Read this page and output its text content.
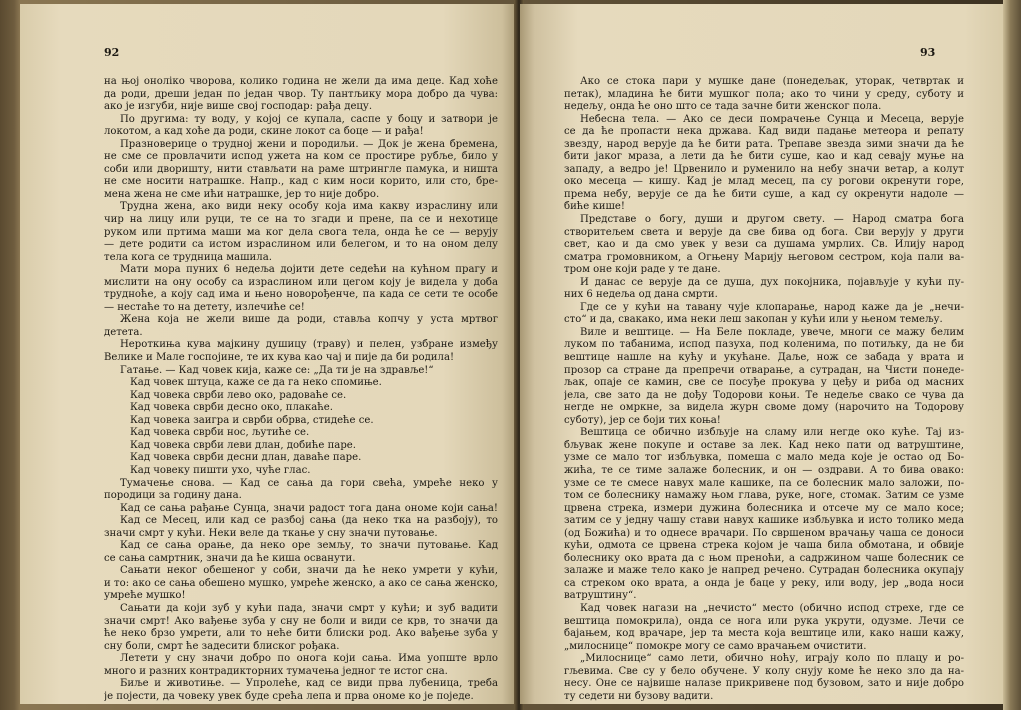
92
на њој оноліко чворова, колико година не жели да има деце. Кад хоће
да роди, дреши један по један чвор. Ту пантљику мора добро да чува:
ако је изгуби, није више свој господар: рађа децу.
По другима: ту воду, у којој се купала, саспе у боцу и затвори је
локотом, а кад хоће да роди, скине локот са боце — и рађа!
Празноверице о трудној жени и породиљи. — Док је жена бремена,
не сме се провлачити испод ужета на ком се простире рубље, било у
соби или дворишту, нити стављати на раме штрингле памука, и ништа
не сме носити натрашке. Напр., кад с ким носи корито, или сто, бре-
мена жена не сме ићи натрашке, јер то није добро.
Трудна жена, ако види неку особу која има какву израслину или
чир на лицу или руци, те се на то згади и прене, па се и нехотице
руком или пртима маши ма ког дела свога тела, онда ће се — верују
— дете родити са истом израслином или белегом, и то на оном делу
тела кога се трудница машила.
Мати мора пуних 6 недеља дојити дете седећи на кућном прагу и
мислити на ону особу са израслином или цегом коју је видела у доба
трудноће, а коју сад има и њено новорођенче, па када се сети те особе
— нестаће то на детету, излечиће се!
Жена која не жели више да роди, ставља копчу у уста мртвог
детета.
Нероткиња кува мајкину душицу (траву) и пелен, узбране између
Велике и Мале госпојине, те их кува као чај и пије да би родила!
Гатање. — Кад човек кија, каже се: „Да ти је на здравље!“
Кад човек штуца, каже се да га неко спомиње.
Кад човека сврби лево око, радоваће се.
Кад човека сврби десно око, плакаће.
Кад човека заигра и сврби обрва, стидеће се.
Кад човека сврби нос, љутиће се.
Кад човека сврби леви длан, добиће паре.
Кад човека сврби десни длан, даваће паре.
Кад човеку пишти ухо, чуће глас.
Тумачење снова. — Кад се сања да гори свећа, умреће неко у
породици за годину дана.
Кад се сања рађање Сунца, значи радост тога дана ономе који сања!
Кад се Месец, или кад се разбој сања (да неко тка на разбоју), то
значи смрт у кући. Неки веле да ткање у сну значи путовање.
Кад се сања орање, да неко оре земљу, то значи путовање. Кад
се сања самртник, значи да ће киша осванути.
Сањати неког обешеног у соби, значи да ће неко умрети у кући,
и то: ако се сања обешено мушко, умреће женско, а ако се сања женско,
умреће мушко!
Сањати да који зуб у кући пада, значи смрт у кући; и зуб вадити
значи смрт! Ако вађење зуба у сну не боли и види се крв, то значи да
ће неко брзо умрети, али то неће бити блиски род. Ако вађење зуба у
сну боли, смрт ће задесити блиског рођака.
Летети у сну значи добро по онога који сања. Има уопште врло
много и разних контрадикторних тумачења једног те истог сна.
Биље и животиње. — Упролеће, кад се види прва лубеница, треба
је појести, да човеку увек буде срећа лепа и прва ономе ко је поједе.
93
Ако се стока пари у мушке дане (понедељак, уторак, четвртак и
петак), младина ће бити мушког пола; ако то чини у среду, суботу и
недељу, онда ће оно што се тада зачне бити женског пола.
Небесна тела. — Ако се деси помрачење Сунца и Месеца, верује
се да ће пропасти нека држава. Кад види падање метеора и репату
звезду, народ верује да ће бити рата. Трепаве звезда зими значи да ће
бити јаког мраза, а лети да ће бити суше, као и кад севају муње на
западу, а ведро је! Црвенило и руменило на небу значи ветар, а колут
око месеца — кишу. Кад је млад месец, па су рогови окренути горе,
према небу, верује се да ће бити суше, а кад су окренути надоле —
биће кише!
Представе о богу, души и другом свету. — Народ сматра бога
створитељем света и верује да све бива од бога. Сви верују у други
свет, као и да смо увек у вези са душама умрлих. Св. Илију народ
сматра громовником, а Огњену Марију његовом сестром, која пали ва-
тром оне који раде у те дане.
И данас се верује да се душа, дух покојника, појављује у кући пу-
них 6 недеља од дана смрти.
Где се у кући на тавану чује клопарање, народ каже да је „нечи-
сто“ и да, свакако, има неки леш закопан у кући или у њеном темељу.
Виле и вештице. — На Беле покладе, увече, многи се мажу белим
луком по табанима, испод пазуха, под коленима, по потиљку, да не би
вештице нашле на кућу и укућане. Даље, нож се забада у врата и
прозор са стране да препречи отварање, а сутрадан, на Чисти понеде-
љак, опаје се камин, све се посуђе прокува у цеђу и риба од масних
јела, све зато да не дођу Тодорови коњи. Те недеље свако се чува да
негде не омркне, за видела журн своме дому (нарочито на Тодорову
суботу), јер се боји тих коња!
Вештица се обично избљује на сламу или негде око куће. Тај из-
бљувак жене покупе и оставе за лек. Кад неко пати од ватруштине,
узме се мало тог избљувка, помеша с мало меда које је остао од Бо-
жића, те се тиме залаже болесник, и он — оздрави. А то бива овако:
узме се те смесе навух мале кашике, па се болесник мало заложи, по-
том се болеснику намажу њом глава, руке, ноге, стомак. Затим се узме
црвена стрека, измери дужина болесника и отсече му се мало косе;
затим се у једну чашу стави навух кашике избљувка и исто толико меда
(од Божића) и то однесе врачари. По свршеном врачању чаша се доноси
кући, одмота се црвена стрека којом је чаша била обмотана, и обвије
болеснику око врата да с њом преноћи, а садржином чаше болесник се
залаже и маже тело како је напред речено. Сутрадан болесника окупају
са стреком око врата, а онда је баце у реку, или воду, јер „вода носи
ватруштину“.
Кад човек нагази на „нечисто“ место (обично испод стрехе, где се
вештица помокрила), онда се нога или рука укрути, одузме. Лечи се
бајањем, код врачаре, јер та места која вештице или, како наши кажу,
„милоснице“ помокре могу се само врачањем очистити.
„Милоснице“ само лети, обично ноћу, играју коло по плацу и ро-
гљевима. Све су у бело обучене. У колу снују коме ће неко зло да на-
несу. Оне се највише налазе прикривене под бузовом, зато и није добро
ту седети ни бузову вадити.
